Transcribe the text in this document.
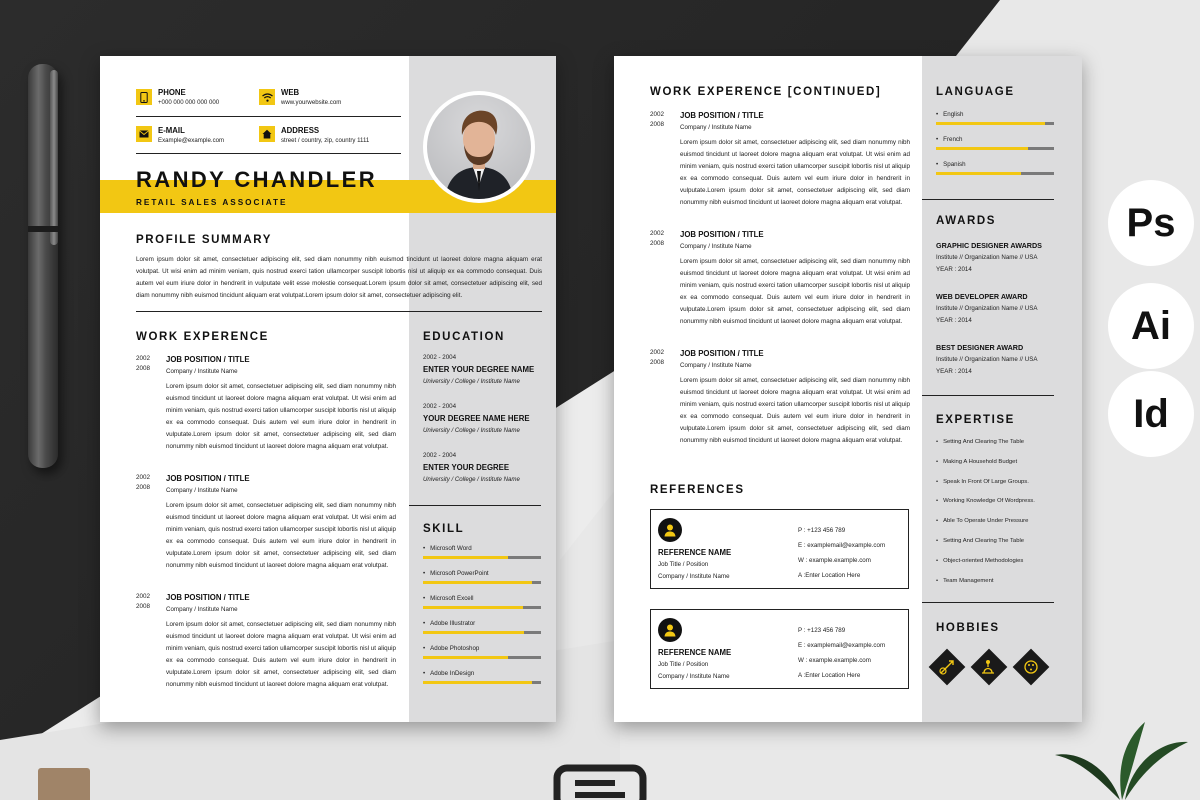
Ps
Ai
Id
PHONE
+000 000 000 000 000
WEB
www.yourwebsite.com
E-MAIL
Example@example.com
ADDRESS
street / country, zip, country 1111
RANDY CHANDLER
RETAIL SALES ASSOCIATE
PROFILE SUMMARY
Lorem ipsum dolor sit amet, consectetuer adipiscing elit, sed diam nonummy nibh euismod tincidunt ut laoreet dolore magna aliquam erat volutpat. Ut wisi enim ad minim veniam, quis nostrud exerci tation ullamcorper suscipit lobortis nisl ut aliquip ex ea commodo consequat. Duis autem vel eum iriure dolor in hendrerit in vulputate velit esse molestie consequat.Lorem ipsum dolor sit amet, consectetuer adipiscing elit, sed diam nonummy nibh euismod tincidunt aliquam erat volutpat.Lorem ipsum dolor sit amet, consectetuer adipiscing elit.
WORK EXPERENCE
2002
2008
JOB POSITION / TITLE
Company / Institute Name
Lorem ipsum dolor sit amet, consectetuer adipiscing elit, sed diam nonummy nibh euismod tincidunt ut laoreet dolore magna aliquam erat volutpat. Ut wisi enim ad minim veniam, quis nostrud exerci tation ullamcorper suscipit lobortis nisl ut aliquip ex ea commodo consequat. Duis autem vel eum iriure dolor in hendrerit in vulputate.Lorem ipsum dolor sit amet, consectetuer adipiscing elit, sed diam nonummy nibh euismod tincidunt ut laoreet dolore magna aliquam erat volutpat.
2002
2008
JOB POSITION / TITLE
Company / Institute Name
Lorem ipsum dolor sit amet, consectetuer adipiscing elit, sed diam nonummy nibh euismod tincidunt ut laoreet dolore magna aliquam erat volutpat. Ut wisi enim ad minim veniam, quis nostrud exerci tation ullamcorper suscipit lobortis nisl ut aliquip ex ea commodo consequat. Duis autem vel eum iriure dolor in hendrerit in vulputate.Lorem ipsum dolor sit amet, consectetuer adipiscing elit, sed diam nonummy nibh euismod tincidunt ut laoreet dolore magna aliquam erat volutpat.
2002
2008
JOB POSITION / TITLE
Company / Institute Name
Lorem ipsum dolor sit amet, consectetuer adipiscing elit, sed diam nonummy nibh euismod tincidunt ut laoreet dolore magna aliquam erat volutpat. Ut wisi enim ad minim veniam, quis nostrud exerci tation ullamcorper suscipit lobortis nisl ut aliquip ex ea commodo consequat. Duis autem vel eum iriure dolor in hendrerit in vulputate.Lorem ipsum dolor sit amet, consectetuer adipiscing elit, sed diam nonummy nibh euismod tincidunt ut laoreet dolore magna aliquam erat volutpat.
EDUCATION
2002 - 2004
ENTER YOUR DEGREE NAME
University / College / Institute Name
2002 - 2004
YOUR DEGREE NAME HERE
University / College / Institute Name
2002 - 2004
ENTER YOUR DEGREE
University / College / Institute Name
SKILL
• Microsoft Word
• Microsoft PowerPoint
• Microsoft Excell
• Adobe Illustrator
• Adobe Photoshop
• Adobe InDesign
WORK EXPERENCE [CONTINUED]
2002
2008
JOB POSITION / TITLE
Company / Institute Name
Lorem ipsum dolor sit amet, consectetuer adipiscing elit, sed diam nonummy nibh euismod tincidunt ut laoreet dolore magna aliquam erat volutpat. Ut wisi enim ad minim veniam, quis nostrud exerci tation ullamcorper suscipit lobortis nisl ut aliquip ex ea commodo consequat. Duis autem vel eum iriure dolor in hendrerit in vulputate.Lorem ipsum dolor sit amet, consectetuer adipiscing elit, sed diam nonummy nibh euismod tincidunt ut laoreet dolore magna aliquam erat volutpat.
2002
2008
JOB POSITION / TITLE
Company / Institute Name
Lorem ipsum dolor sit amet, consectetuer adipiscing elit, sed diam nonummy nibh euismod tincidunt ut laoreet dolore magna aliquam erat volutpat. Ut wisi enim ad minim veniam, quis nostrud exerci tation ullamcorper suscipit lobortis nisl ut aliquip ex ea commodo consequat. Duis autem vel eum iriure dolor in hendrerit in vulputate.Lorem ipsum dolor sit amet, consectetuer adipiscing elit, sed diam nonummy nibh euismod tincidunt ut laoreet dolore magna aliquam erat volutpat.
2002
2008
JOB POSITION / TITLE
Company / Institute Name
Lorem ipsum dolor sit amet, consectetuer adipiscing elit, sed diam nonummy nibh euismod tincidunt ut laoreet dolore magna aliquam erat volutpat. Ut wisi enim ad minim veniam, quis nostrud exerci tation ullamcorper suscipit lobortis nisl ut aliquip ex ea commodo consequat. Duis autem vel eum iriure dolor in hendrerit in vulputate.Lorem ipsum dolor sit amet, consectetuer adipiscing elit, sed diam nonummy nibh euismod tincidunt ut laoreet dolore magna aliquam erat volutpat.
REFERENCES
REFERENCE NAME
Job Title / Position
Company / Institute Name
P : +123 456 789
E : examplemail@example.com
W : example.example.com
A :Enter Location Here
REFERENCE NAME
Job Title / Position
Company / Institute Name
P : +123 456 789
E : examplemail@example.com
W : example.example.com
A :Enter Location Here
LANGUAGE
AWARDS
GRAPHIC DESIGNER AWARDS
Institute // Organization Name // USA
YEAR : 2014
WEB DEVELOPER AWARD
Institute // Organization Name // USA
YEAR : 2014
BEST DESIGNER AWARD
Institute // Organization Name // USA
YEAR : 2014
EXPERTISE
HOBBIES
• English
• French
• Spanish
• Setting And Clearing The Table
• Making A Household Budget
• Speak In Front Of Large Groups.
• Working Knowledge Of Wordpress.
• Able To Operate Under Pressure
• Setting And Clearing The Table
• Object-oriented Methodologies
• Team Management
